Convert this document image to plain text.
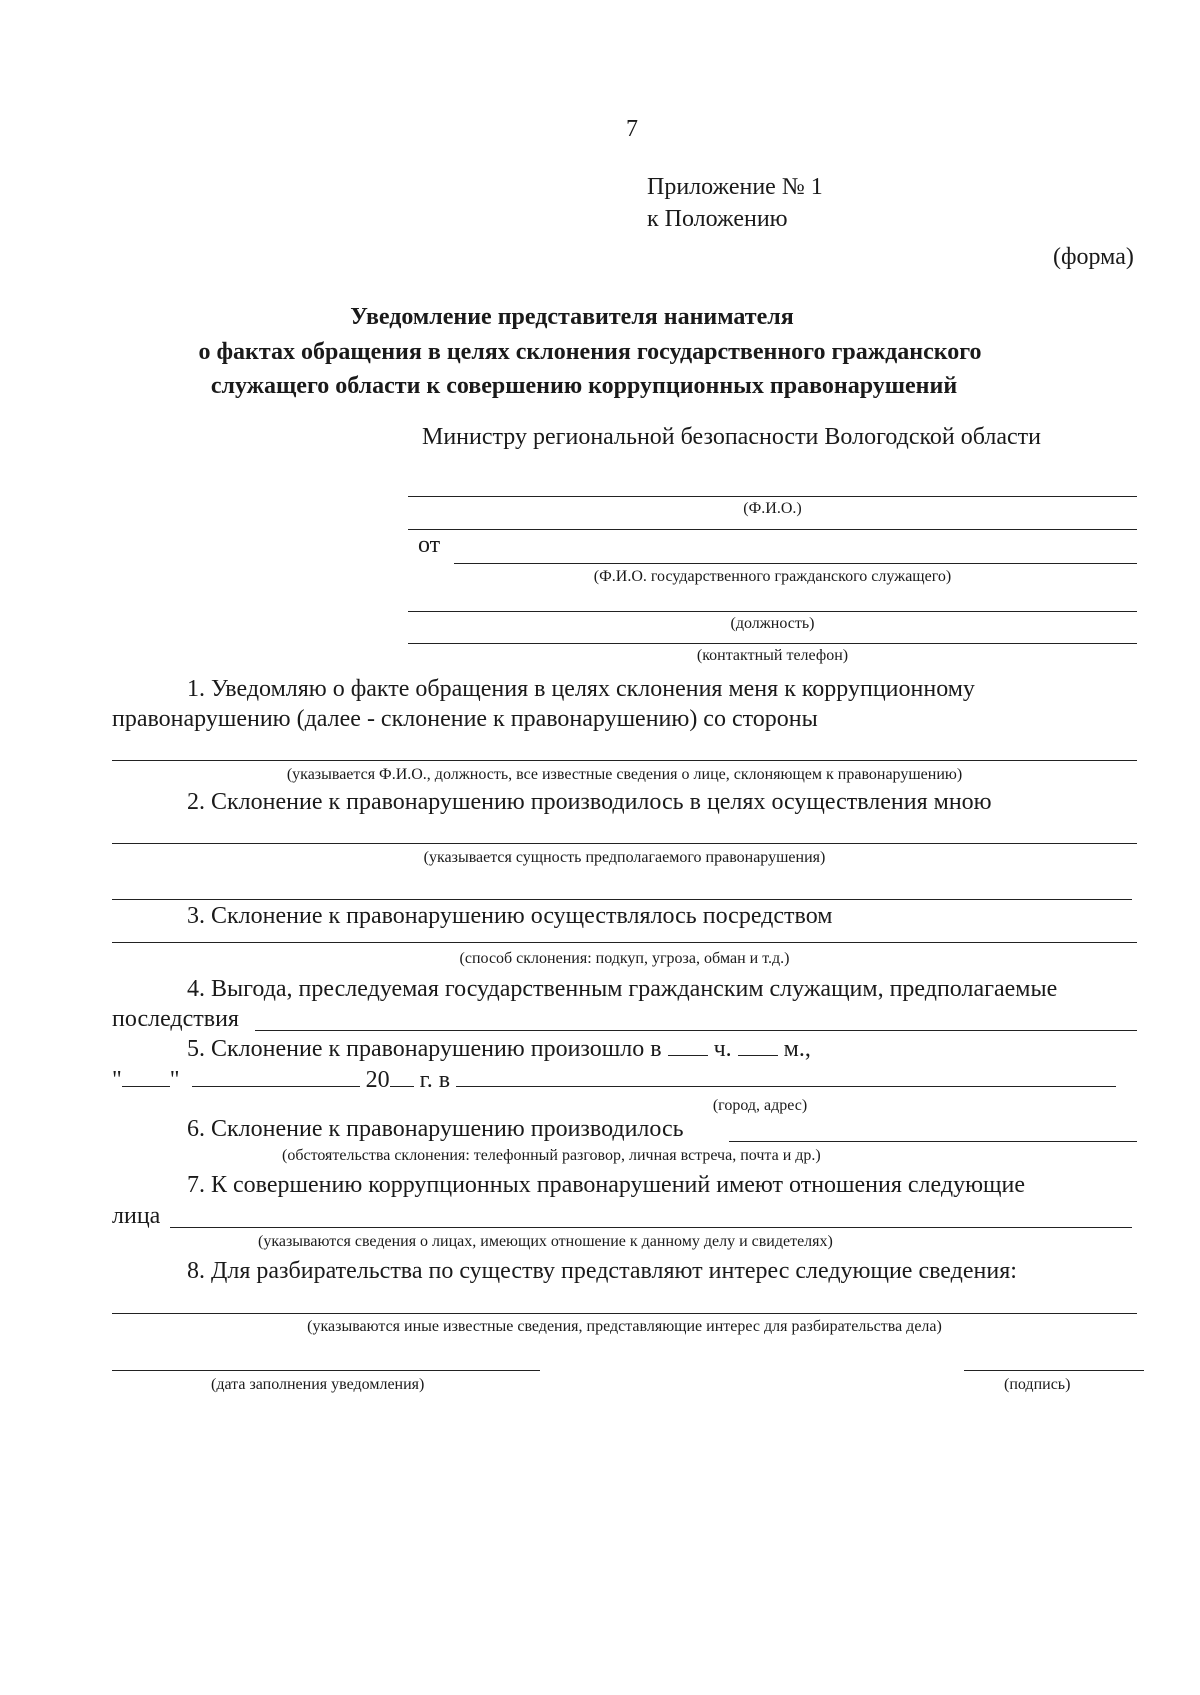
7
Приложение № 1
к Положению
(форма)
Уведомление представителя нанимателя
о фактах обращения в целях склонения государственного гражданского
служащего области к совершению коррупционных правонарушений
Министру региональной безопасности Вологодской области
(Ф.И.О.)
от
(Ф.И.О. государственного гражданского служащего)
(должность)
(контактный телефон)
1. Уведомляю о факте обращения в целях склонения меня к коррупционному
правонарушению (далее - склонение к правонарушению) со стороны
(указывается Ф.И.О., должность, все известные сведения о лице, склоняющем к правонарушению)
2. Склонение к правонарушению производилось в целях осуществления мною
(указывается сущность предполагаемого правонарушения)
3. Склонение к правонарушению осуществлялось посредством
(способ склонения: подкуп, угроза, обман и т.д.)
4. Выгода, преследуемая государственным гражданским служащим, предполагаемые
последствия
5. Склонение к правонарушению произошло в ч. м.,
" "	20 г. в
(город, адрес)
6. Склонение к правонарушению производилось
(обстоятельства склонения: телефонный разговор, личная встреча, почта и др.)
7. К совершению коррупционных правонарушений имеют отношения следующие
лица
(указываются сведения о лицах, имеющих отношение к данному делу и свидетелях)
8. Для разбирательства по существу представляют интерес следующие сведения:
(указываются иные известные сведения, представляющие интерес для разбирательства дела)
(дата заполнения уведомления)	(подпись)
